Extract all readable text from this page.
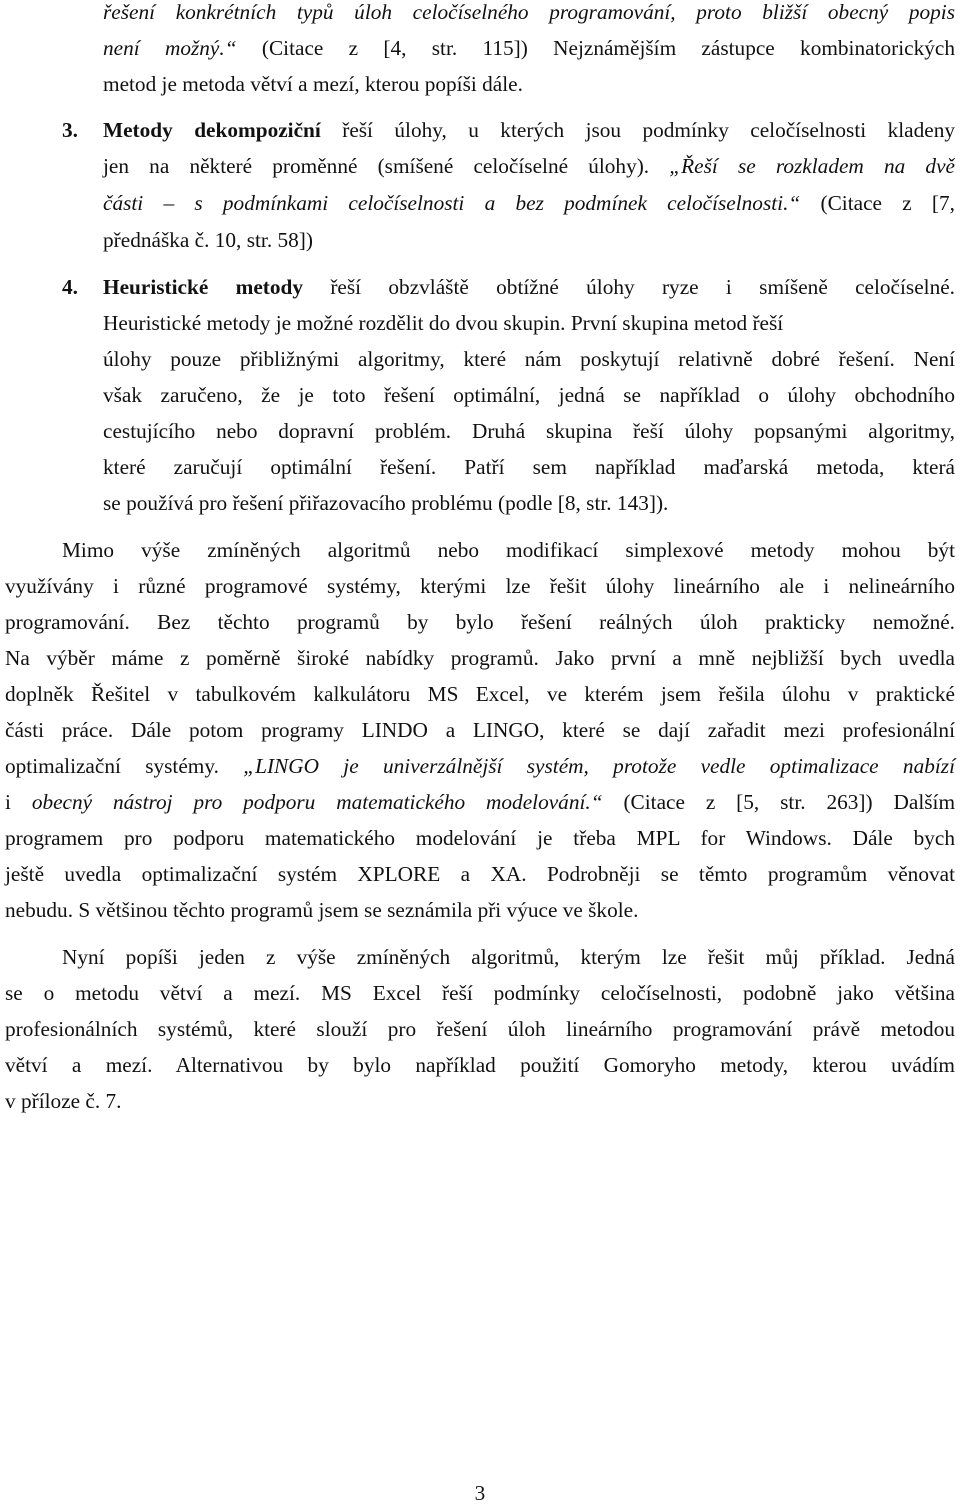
řešení konkrétních typů úloh celočíselného programování, proto bližší obecný popis
není možný.“ (Citace z [4, str. 115]) Nejznámějším zástupce kombinatorických
metod je metoda větví a mezí, kterou popíši dále.
3. Metody dekompoziční řeší úlohy, u kterých jsou podmínky celočíselnosti kladeny
jen na některé proměnné (smíšené celočíselné úlohy). „Řeší se rozkladem na dvě
části – s podmínkami celočíselnosti a bez podmínek celočíselnosti.“ (Citace z [7,
přednáška č. 10, str. 58])
4. Heuristické metody řeší obzvláště obtížné úlohy ryze i smíšeně celočíselné.
Heuristické metody je možné rozdělit do dvou skupin. První skupina metod řeší
úlohy pouze přibližnými algoritmy, které nám poskytují relativně dobré řešení. Není
však zaručeno, že je toto řešení optimální, jedná se například o úlohy obchodního
cestujícího nebo dopravní problém. Druhá skupina řeší úlohy popsanými algoritmy,
které zaručují optimální řešení. Patří sem například maďarská metoda, která
se používá pro řešení přiřazovacího problému (podle [8, str. 143]).
Mimo výše zmíněných algoritmů nebo modifikací simplexové metody mohou být
využívány i různé programové systémy, kterými lze řešit úlohy lineárního ale i nelineárního
programování. Bez těchto programů by bylo řešení reálných úloh prakticky nemožné.
Na výběr máme z poměrně široké nabídky programů. Jako první a mně nejbližší bych uvedla
doplněk Řešitel v tabulkovém kalkulátoru MS Excel, ve kterém jsem řešila úlohu v praktické
části práce. Dále potom programy LINDO a LINGO, které se dají zařadit mezi profesionální
optimalizační systémy. „LINGO je univerzálnější systém, protože vedle optimalizace nabízí
i obecný nástroj pro podporu matematického modelování.“ (Citace z [5, str. 263]) Dalším
programem pro podporu matematického modelování je třeba MPL for Windows. Dále bych
ještě uvedla optimalizační systém XPLORE a XA. Podrobněji se těmto programům věnovat
nebudu. S většinou těchto programů jsem se seznámila při výuce ve škole.
Nyní popíši jeden z výše zmíněných algoritmů, kterým lze řešit můj příklad. Jedná
se o metodu větví a mezí. MS Excel řeší podmínky celočíselnosti, podobně jako většina
profesionálních systémů, které slouží pro řešení úloh lineárního programování právě metodou
větví a mezí. Alternativou by bylo například použití Gomoryho metody, kterou uvádím
v příloze č. 7.
3
